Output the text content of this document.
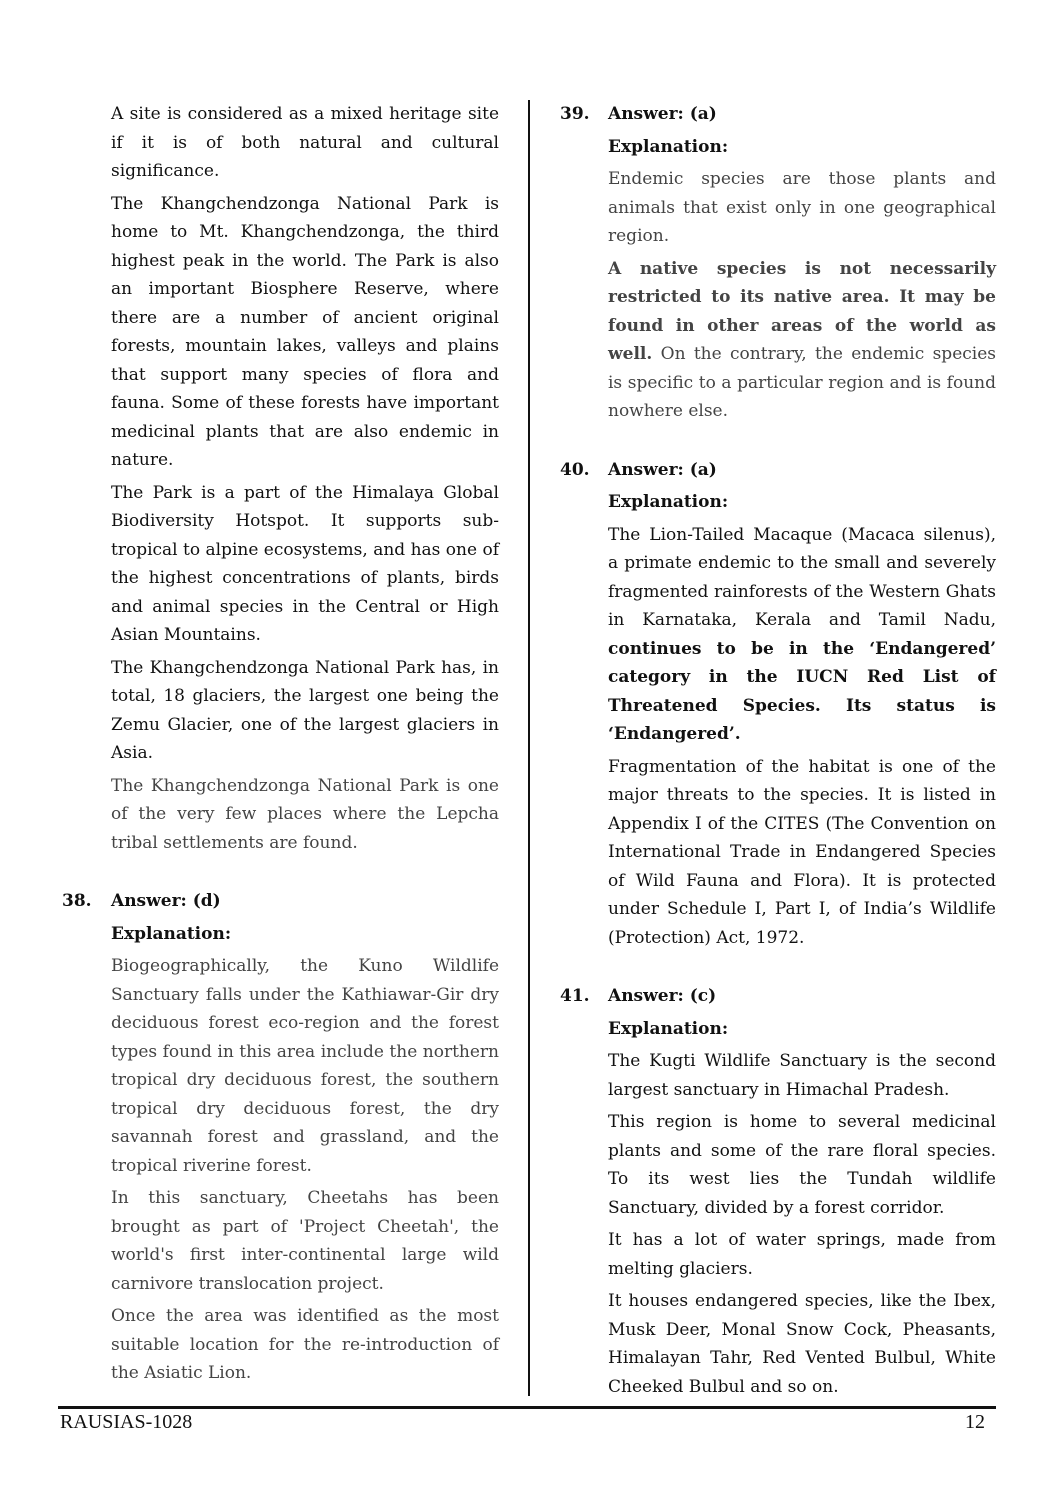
A site is considered as a mixed heritage site if it is of both natural and cultural significance.

The Khangchendzonga National Park is home to Mt. Khangchendzonga, the third highest peak in the world. The Park is also an important Biosphere Reserve, where there are a number of ancient original forests, mountain lakes, valleys and plains that support many species of flora and fauna. Some of these forests have important medicinal plants that are also endemic in nature.

The Park is a part of the Himalaya Global Biodiversity Hotspot. It supports sub-tropical to alpine ecosystems, and has one of the highest concentrations of plants, birds and animal species in the Central or High Asian Mountains.

The Khangchendzonga National Park has, in total, 18 glaciers, the largest one being the Zemu Glacier, one of the largest glaciers in Asia.

The Khangchendzonga National Park is one of the very few places where the Lepcha tribal settlements are found.

38. Answer: (d)
Explanation:

Biogeographically, the Kuno Wildlife Sanctuary falls under the Kathiawar-Gir dry deciduous forest eco-region and the forest types found in this area include the northern tropical dry deciduous forest, the southern tropical dry deciduous forest, the dry savannah forest and grassland, and the tropical riverine forest.

In this sanctuary, Cheetahs has been brought as part of 'Project Cheetah', the world's first inter-continental large wild carnivore translocation project.

Once the area was identified as the most suitable location for the re-introduction of the Asiatic Lion.

39. Answer: (a)
Explanation:

Endemic species are those plants and animals that exist only in one geographical region.

A native species is not necessarily restricted to its native area. It may be found in other areas of the world as well. On the contrary, the endemic species is specific to a particular region and is found nowhere else.

40. Answer: (a)
Explanation:

The Lion-Tailed Macaque (Macaca silenus), a primate endemic to the small and severely fragmented rainforests of the Western Ghats in Karnataka, Kerala and Tamil Nadu, continues to be in the ‘Endangered’ category in the IUCN Red List of Threatened Species. Its status is ‘Endangered’.

Fragmentation of the habitat is one of the major threats to the species. It is listed in Appendix I of the CITES (The Convention on International Trade in Endangered Species of Wild Fauna and Flora). It is protected under Schedule I, Part I, of India’s Wildlife (Protection) Act, 1972.

41. Answer: (c)
Explanation:

The Kugti Wildlife Sanctuary is the second largest sanctuary in Himachal Pradesh.

This region is home to several medicinal plants and some of the rare floral species. To its west lies the Tundah wildlife Sanctuary, divided by a forest corridor.

It has a lot of water springs, made from melting glaciers.

It houses endangered species, like the Ibex, Musk Deer, Monal Snow Cock, Pheasants, Himalayan Tahr, Red Vented Bulbul, White Cheeked Bulbul and so on.

RAUSIAS-1028	12
